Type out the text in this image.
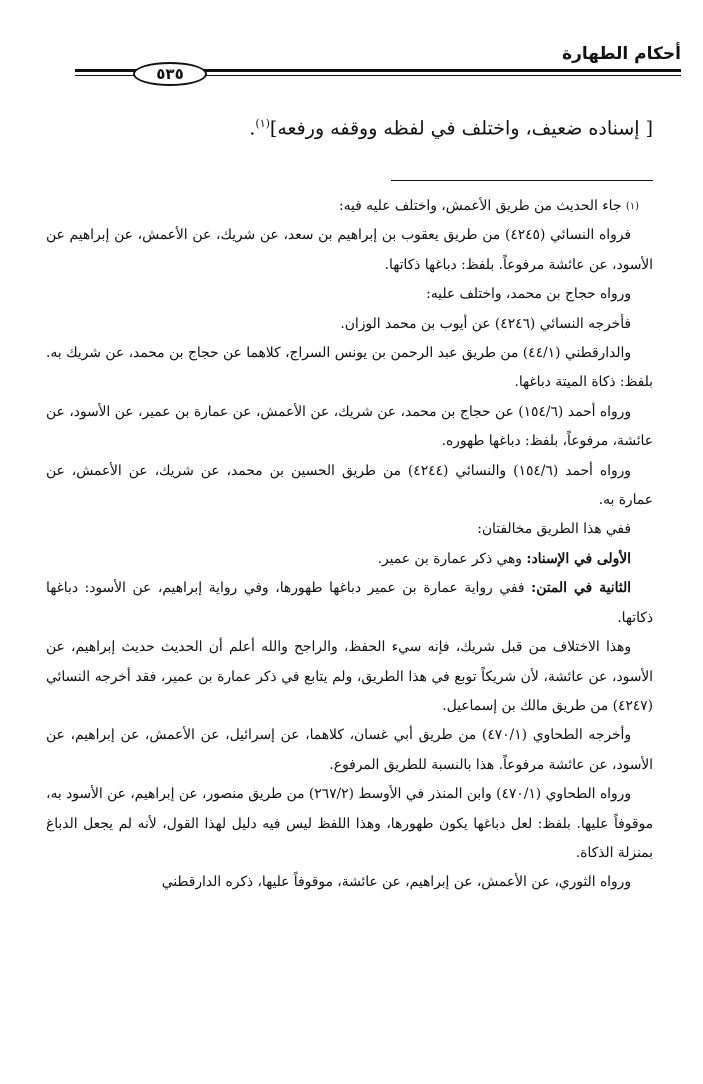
أحكام الطهارة
٥٣٥
[ إسناده ضعيف، واختلف في لفظه ووقفه ورفعه]$^{(١)}$.

$^{(١)}$ جاء الحديث من طريق الأعمش، واختلف عليه فيه:

فرواه النسائي (٤٢٤٥) من طريق يعقوب بن إبراهيم بن سعد، عن شريك، عن الأعمش، عن إبراهيم عن الأسود، عن عائشة مرفوعاً. بلفظ: دباغها ذكاتها.

ورواه حجاج بن محمد، واختلف عليه:

فأخرجه النسائي (٤٢٤٦) عن أيوب بن محمد الوزان.

والدارقطني (٤٤/١) من طريق عبد الرحمن بن يونس السراج، كلاهما عن حجاج بن محمد، عن شريك به. بلفظ: ذكاة الميتة دباغها.

ورواه أحمد (١٥٤/٦) عن حجاج بن محمد، عن شريك، عن الأعمش، عن عمارة بن عمير، عن الأسود، عن عائشة، مرفوعاً، بلفظ: دباغها طهوره.

ورواه أحمد (١٥٤/٦) والنسائي (٤٢٤٤) من طريق الحسين بن محمد، عن شريك، عن الأعمش، عن عمارة به.

ففي هذا الطريق مخالفتان:

الأولى في الإسناد: وهي ذكر عمارة بن عمير.

الثانية في المتن: ففي رواية عمارة بن عمير دباغها طهورها، وفي رواية إبراهيم، عن الأسود: دباغها ذكاتها.

وهذا الاختلاف من قبل شريك، فإنه سيء الحفظ، والراجح والله أعلم أن الحديث حديث إبراهيم، عن الأسود، عن عائشة، لأن شريكاً توبع في هذا الطريق، ولم يتابع في ذكر عمارة بن عمير، فقد أخرجه النسائي (٤٢٤٧) من طريق مالك بن إسماعيل.

وأخرجه الطحاوي (٤٧٠/١) من طريق أبي غسان، كلاهما، عن إسرائيل، عن الأعمش، عن إبراهيم، عن الأسود، عن عائشة مرفوعاً. هذا بالنسبة للطريق المرفوع.

ورواه الطحاوي (٤٧٠/١) وابن المنذر في الأوسط (٢٦٧/٢) من طريق منصور، عن إبراهيم، عن الأسود به، موقوفاً عليها. بلفظ: لعل دباغها يكون طهورها، وهذا اللفظ ليس فيه دليل لهذا القول، لأنه لم يجعل الدباغ بمنزلة الذكاة.

ورواه الثوري، عن الأعمش، عن إبراهيم، عن عائشة، موقوفاً عليها، ذكره الدارقطني
